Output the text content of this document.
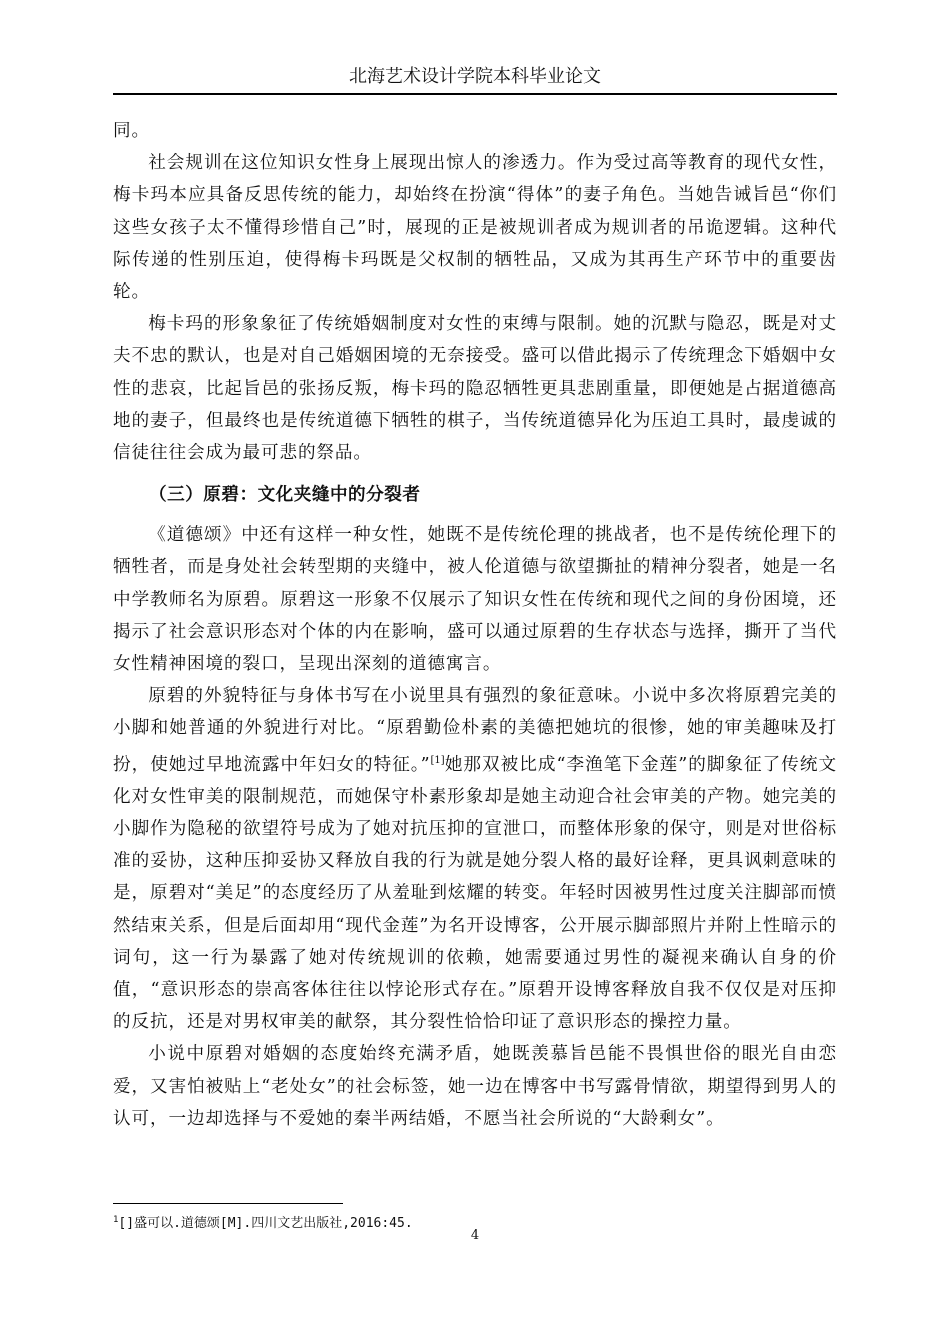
北海艺术设计学院本科毕业论文

同。

社会规训在这位知识女性身上展现出惊人的渗透力。作为受过高等教育的现代女性，梅卡玛本应具备反思传统的能力，却始终在扮演“得体”的妻子角色。当她告诫旨邑“你们这些女孩子太不懂得珍惜自己”时，展现的正是被规训者成为规训者的吊诡逻辑。这种代际传递的性别压迫，使得梅卡玛既是父权制的牺牲品，又成为其再生产环节中的重要齿轮。

梅卡玛的形象象征了传统婚姻制度对女性的束缚与限制。她的沉默与隐忍，既是对丈夫不忠的默认，也是对自己婚姻困境的无奈接受。盛可以借此揭示了传统理念下婚姻中女性的悲哀，比起旨邑的张扬反叛，梅卡玛的隐忍牺牲更具悲剧重量，即便她是占据道德高地的妻子，但最终也是传统道德下牺牲的棋子，当传统道德异化为压迫工具时，最虔诚的信徒往往会成为最可悲的祭品。

（三）原碧：文化夹缝中的分裂者

《道德颂》中还有这样一种女性，她既不是传统伦理的挑战者，也不是传统伦理下的牺牲者，而是身处社会转型期的夹缝中，被人伦道德与欲望撕扯的精神分裂者，她是一名中学教师名为原碧。原碧这一形象不仅展示了知识女性在传统和现代之间的身份困境，还揭示了社会意识形态对个体的内在影响，盛可以通过原碧的生存状态与选择，撕开了当代女性精神困境的裂口，呈现出深刻的道德寓言。

原碧的外貌特征与身体书写在小说里具有强烈的象征意味。小说中多次将原碧完美的小脚和她普通的外貌进行对比。“原碧勤俭朴素的美德把她坑的很惨，她的审美趣味及打扮，使她过早地流露中年妇女的特征。”[1]她那双被比成“李渔笔下金莲”的脚象征了传统文化对女性审美的限制规范，而她保守朴素形象却是她主动迎合社会审美的产物。她完美的小脚作为隐秘的欲望符号成为了她对抗压抑的宣泄口，而整体形象的保守，则是对世俗标准的妥协，这种压抑妥协又释放自我的行为就是她分裂人格的最好诠释，更具讽刺意味的是，原碧对“美足”的态度经历了从羞耻到炫耀的转变。年轻时因被男性过度关注脚部而愤然结束关系，但是后面却用“现代金莲”为名开设博客，公开展示脚部照片并附上性暗示的词句，这一行为暴露了她对传统规训的依赖，她需要通过男性的凝视来确认自身的价值，“意识形态的崇高客体往往以悖论形式存在。”原碧开设博客释放自我不仅仅是对压抑的反抗，还是对男权审美的献祭，其分裂性恰恰印证了意识形态的操控力量。

小说中原碧对婚姻的态度始终充满矛盾，她既羡慕旨邑能不畏惧世俗的眼光自由恋爱，又害怕被贴上“老处女”的社会标签，她一边在博客中书写露骨情欲，期望得到男人的认可，一边却选择与不爱她的秦半两结婚，不愿当社会所说的“大龄剩女”。

$^1$[]盛可以.道德颂[M].四川文艺出版社,2016:45.
4
